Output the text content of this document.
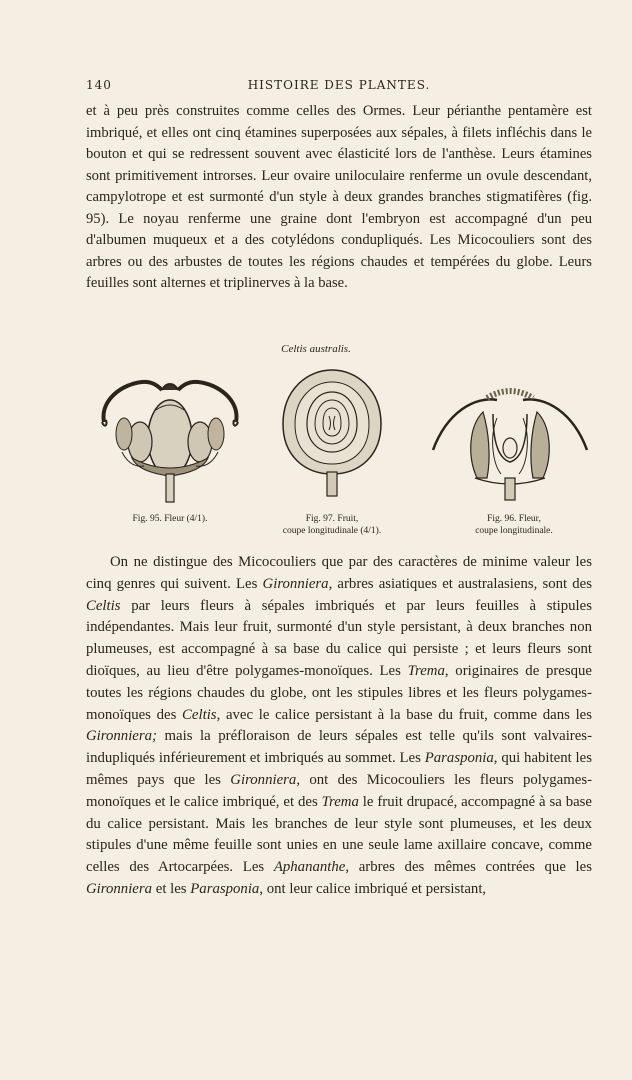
140	HISTOIRE DES PLANTES.

et à peu près construites comme celles des Ormes. Leur périanthe pentamère est imbriqué, et elles ont cinq étamines superposées aux sépales, à filets infléchis dans le bouton et qui se redressent souvent avec élasticité lors de l'anthèse. Leurs étamines sont primitivement introrses. Leur ovaire uniloculaire renferme un ovule descendant, campylotrope et est surmonté d'un style à deux grandes branches stigmatifères (fig. 95). Le noyau renferme une graine dont l'embryon est accompagné d'un peu d'albumen muqueux et a des cotylédons condupliqués. Les Micocouliers sont des arbres ou des arbustes de toutes les régions chaudes et tempérées du globe. Leurs feuilles sont alternes et triplinerves à la base.

Celtis australis.
Fig. 95. Fleur (4/1).	Fig. 97. Fruit,
coupe longitudinale (4/1).
Fig. 96. Fleur,
coupe longitudinale.

On ne distingue des Micocouliers que par des caractères de minime valeur les cinq genres qui suivent. Les Gironniera, arbres asiatiques et australasiens, sont des Celtis par leurs fleurs à sépales imbriqués et par leurs feuilles à stipules indépendantes. Mais leur fruit, surmonté d'un style persistant, à deux branches non plumeuses, est accompagné à sa base du calice qui persiste ; et leurs fleurs sont dioïques, au lieu d'être polygames-monoïques. Les Trema, originaires de presque toutes les régions chaudes du globe, ont les stipules libres et les fleurs polygames-monoïques des Celtis, avec le calice persistant à la base du fruit, comme dans les Gironniera; mais la préfloraison de leurs sépales est telle qu'ils sont valvaires-indupliqués inférieurement et imbriqués au sommet. Les Parasponia, qui habitent les mêmes pays que les Gironniera, ont des Micocouliers les fleurs polygames-monoïques et le calice imbriqué, et des Trema le fruit drupacé, accompagné à sa base du calice persistant. Mais les branches de leur style sont plumeuses, et les deux stipules d'une même feuille sont unies en une seule lame axillaire concave, comme celles des Artocarpées. Les Aphananthe, arbres des mêmes contrées que les Gironniera et les Parasponia, ont leur calice imbriqué et persistant,
